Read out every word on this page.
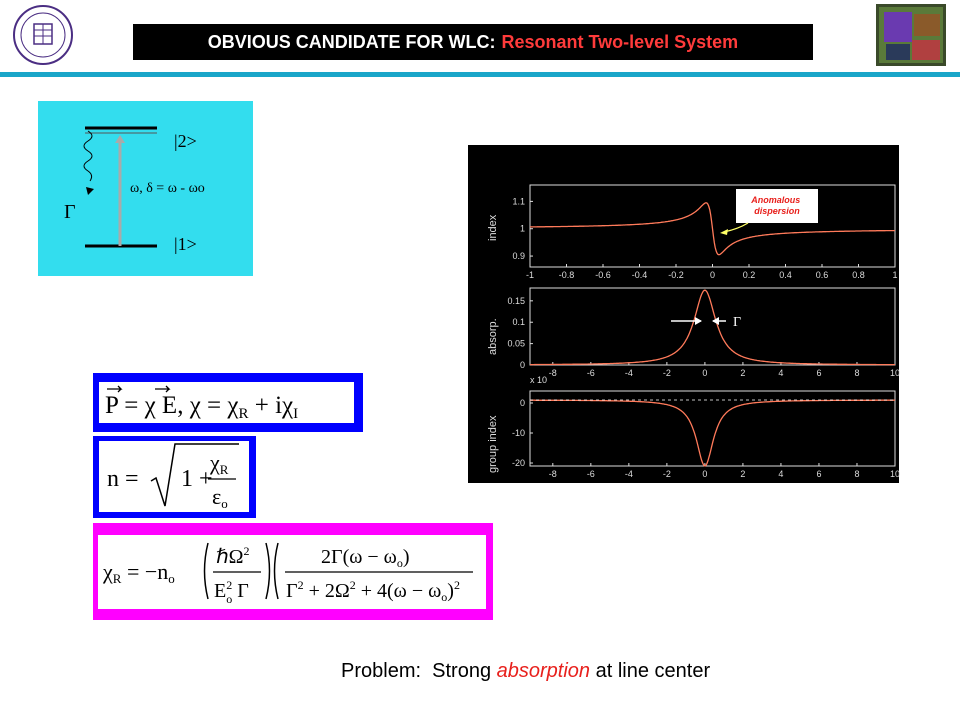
OBVIOUS CANDIDATE FOR WLC: Resonant Two-level System
|2>
|1>
Γ
ω, δ = ω - ωo
P = χ E, $\chi = \chi_R + i\chi_I$
n = 1 +
χR
εo
χR = −no
ℏΩ$^2$
$E^2$ o Γ
$2\Gamma(\omega - \omega_o)$
$\Gamma^2 + 2\Omega^2 + 4(\omega - \omega_o)^2$
index
1.1
1
0.9
-1	-0.8 -0.6 -0.4 -0.2	0	0.2	0.4	0.6	0.8	1
absorp.
0.15
0.1
0.05
0
-8	-6	-4	-2	0	2	4	6	8	10
group index
0
-10
-20
-8	-6	-4	-2	0	2	4	6	8	10
Anomalous dispersion
Γ
x 10
Problem:  Strong absorption at line center
